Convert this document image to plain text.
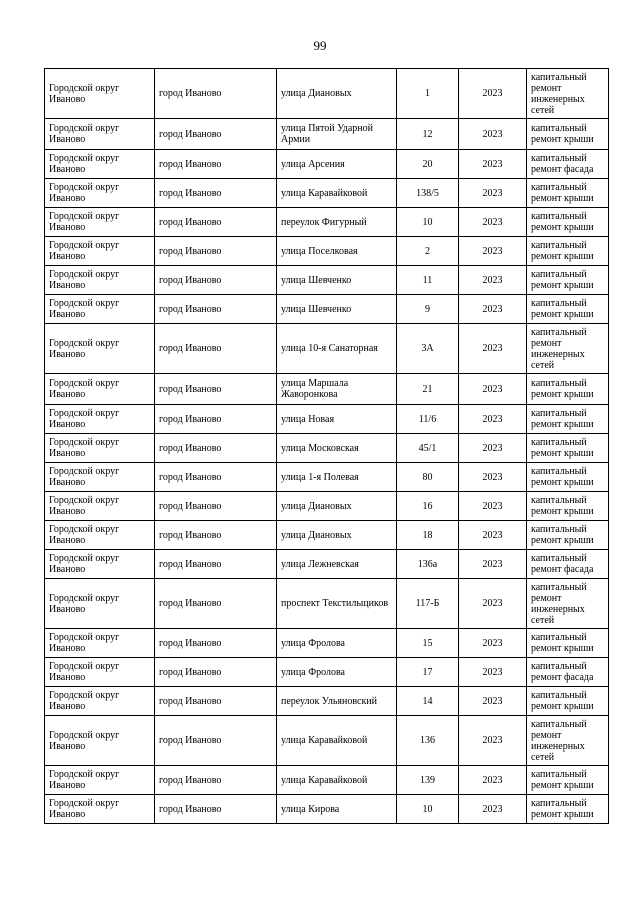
99
Городской округ Иваново	город Иваново	улица Диановых	1	2023	капитальный ремонт инженерных сетей
Городской округ Иваново	город Иваново	улица Пятой Ударной Армии	12	2023	капитальный ремонт крыши
Городской округ Иваново	город Иваново	улица Арсения	20	2023	капитальный ремонт фасада
Городской округ Иваново	город Иваново	улица Каравайковой	138/5	2023	капитальный ремонт крыши
Городской округ Иваново	город Иваново	переулок Фигурный	10	2023	капитальный ремонт крыши
Городской округ Иваново	город Иваново	улица Поселковая	2	2023	капитальный ремонт крыши
Городской округ Иваново	город Иваново	улица Шевченко	11	2023	капитальный ремонт крыши
Городской округ Иваново	город Иваново	улица Шевченко	9	2023	капитальный ремонт крыши
Городской округ Иваново	город Иваново	улица 10-я Санаторная	3А	2023	капитальный ремонт инженерных сетей
Городской округ Иваново	город Иваново	улица Маршала Жаворонкова	21	2023	капитальный ремонт крыши
Городской округ Иваново	город Иваново	улица Новая	11/6	2023	капитальный ремонт крыши
Городской округ Иваново	город Иваново	улица Московская	45/1	2023	капитальный ремонт крыши
Городской округ Иваново	город Иваново	улица 1-я Полевая	80	2023	капитальный ремонт крыши
Городской округ Иваново	город Иваново	улица Диановых	16	2023	капитальный ремонт крыши
Городской округ Иваново	город Иваново	улица Диановых	18	2023	капитальный ремонт крыши
Городской округ Иваново	город Иваново	улица Лежневская	136а	2023	капитальный ремонт фасада
Городской округ Иваново	город Иваново	проспект Текстильщиков	117-Б	2023	капитальный ремонт инженерных сетей
Городской округ Иваново	город Иваново	улица Фролова	15	2023	капитальный ремонт крыши
Городской округ Иваново	город Иваново	улица Фролова	17	2023	капитальный ремонт фасада
Городской округ Иваново	город Иваново	переулок Ульяновский	14	2023	капитальный ремонт крыши
Городской округ Иваново	город Иваново	улица Каравайковой	136	2023	капитальный ремонт инженерных сетей
Городской округ Иваново	город Иваново	улица Каравайковой	139	2023	капитальный ремонт крыши
Городской округ Иваново	город Иваново	улица Кирова	10	2023	капитальный ремонт крыши
